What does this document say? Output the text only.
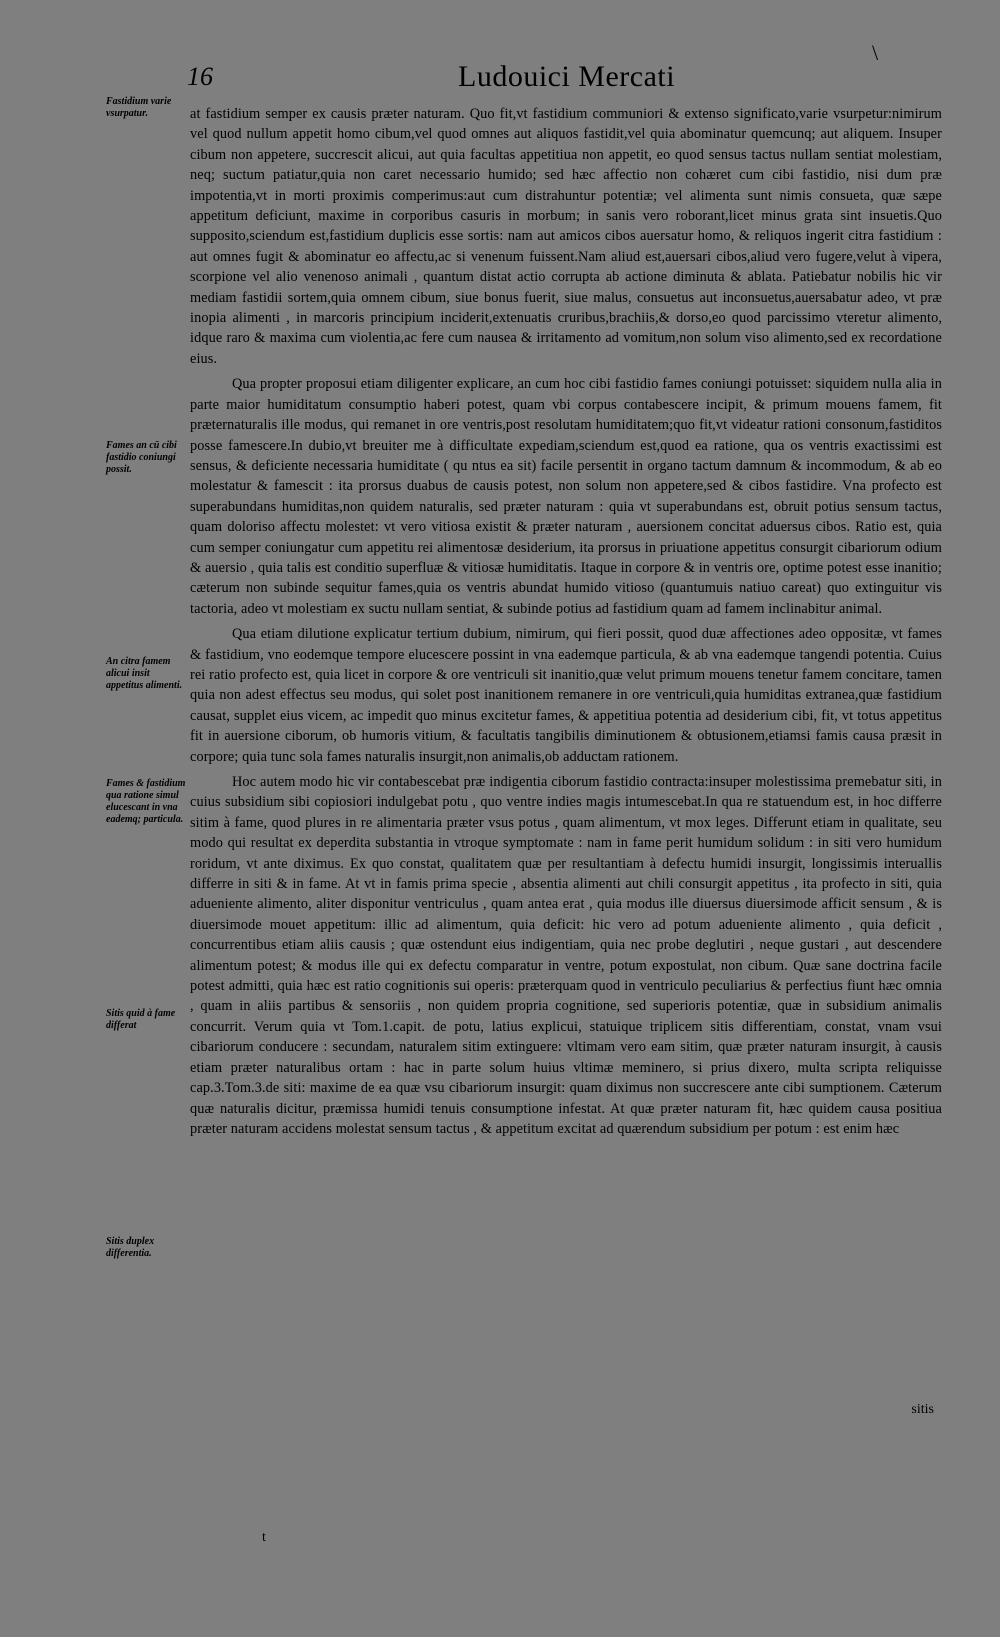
\
16	Ludouici Mercati
Fastidium varie vsurpatur.
Fames an cū cibi fastidio coniungi possit.
An citra famem alicui insit appetitus alimenti.
Fames & fastidium qua ratione simul elucescant in vna eademq; particula.
Sitis quid à fame differat
Sitis duplex differentia.

at fastidium semper ex causis præter naturam. Quo fit,vt fastidium communiori & extenso significato,varie vsurpetur:nimirum vel quod nullum appetit homo cibum,vel quod omnes aut aliquos fastidit,vel quia abominatur quemcunq; aut aliquem. Insuper cibum non appetere, succrescit alicui, aut quia facultas appetitiua non appetit, eo quod sensus tactus nullam sentiat molestiam, neq; suctum patiatur,quia non caret necessario humido; sed hæc affectio non cohæret cum cibi fastidio, nisi dum præ impotentia,vt in morti proximis comperimus:aut cum distrahuntur potentiæ; vel alimenta sunt nimis consueta, quæ sæpe appetitum deficiunt, maxime in corporibus casuris in morbum; in sanis vero roborant,licet minus grata sint insuetis.Quo supposito,sciendum est,fastidium duplicis esse sortis: nam aut amicos cibos auersatur homo, & reliquos ingerit citra fastidium : aut omnes fugit & abominatur eo affectu,ac si venenum fuissent.Nam aliud est,auersari cibos,aliud vero fugere,velut à vipera, scorpione vel alio venenoso animali , quantum distat actio corrupta ab actione diminuta & ablata. Patiebatur nobilis hic vir mediam fastidii sortem,quia omnem cibum, siue bonus fuerit, siue malus, consuetus aut inconsuetus,auersabatur adeo, vt præ inopia alimenti , in marcoris principium inciderit,extenuatis cruribus,brachiis,& dorso,eo quod parcissimo vteretur alimento, idque raro & maxima cum violentia,ac fere cum nausea & irritamento ad vomitum,non solum viso alimento,sed ex recordatione eius.

Qua propter proposui etiam diligenter explicare, an cum hoc cibi fastidio fames coniungi potuisset: siquidem nulla alia in parte maior humiditatum consumptio haberi potest, quam vbi corpus contabescere incipit, & primum mouens famem, fit præternaturalis ille modus, qui remanet in ore ventris,post resolutam humiditatem;quo fit,vt videatur rationi consonum,fastiditos posse famescere.In dubio,vt breuiter me à difficultate expediam,sciendum est,quod ea ratione, qua os ventris exactissimi est sensus, & deficiente necessaria humiditate ( qu ntus ea sit) facile persentit in organo tactum damnum & incommodum, & ab eo molestatur & famescit : ita prorsus duabus de causis potest, non solum non appetere,sed & cibos fastidire. Vna profecto est superabundans humiditas,non quidem naturalis, sed præter naturam : quia vt superabundans est, obruit potius sensum tactus, quam doloriso affectu molestet: vt vero vitiosa existit & præter naturam , auersionem concitat aduersus cibos. Ratio est, quia cum semper coniungatur cum appetitu rei alimentosæ desiderium, ita prorsus in priuatione appetitus consurgit cibariorum odium & auersio , quia talis est conditio superfluæ & vitiosæ humiditatis. Itaque in corpore & in ventris ore, optime potest esse inanitio; cæterum non subinde sequitur fames,quia os ventris abundat humido vitioso (quantumuis natiuo careat) quo extinguitur vis tactoria, adeo vt molestiam ex suctu nullam sentiat, & subinde potius ad fastidium quam ad famem inclinabitur animal.

Qua etiam dilutione explicatur tertium dubium, nimirum, qui fieri possit, quod duæ affectiones adeo oppositæ, vt fames & fastidium, vno eodemque tempore elucescere possint in vna eademque particula, & ab vna eademque tangendi potentia. Cuius rei ratio profecto est, quia licet in corpore & ore ventriculi sit inanitio,quæ velut primum mouens tenetur famem concitare, tamen quia non adest effectus seu modus, qui solet post inanitionem remanere in ore ventriculi,quia humiditas extranea,quæ fastidium causat, supplet eius vicem, ac impedit quo minus excitetur fames, & appetitiua potentia ad desiderium cibi, fit, vt totus appetitus fit in auersione ciborum, ob humoris vitium, & facultatis tangibilis diminutionem & obtusionem,etiamsi famis causa præsit in corpore; quia tunc sola fames naturalis insurgit,non animalis,ob adductam rationem.

Hoc autem modo hic vir contabescebat præ indigentia ciborum fastidio contracta:insuper molestissima premebatur siti, in cuius subsidium sibi copiosiori indulgebat potu , quo ventre indies magis intumescebat.In qua re statuendum est, in hoc differre sitim à fame, quod plures in re alimentaria præter vsus potus , quam alimentum, vt mox leges. Differunt etiam in qualitate, seu modo qui resultat ex deperdita substantia in vtroque symptomate : nam in fame perit humidum solidum : in siti vero humidum roridum, vt ante diximus. Ex quo constat, qualitatem quæ per resultantiam à defectu humidi insurgit, longissimis interuallis differre in siti & in fame. At vt in famis prima specie , absentia alimenti aut chili consurgit appetitus , ita profecto in siti, quia adueniente alimento, aliter disponitur ventriculus , quam antea erat , quia modus ille diuersus diuersimode afficit sensum , & is diuersimode mouet appetitum: illic ad alimentum, quia deficit: hic vero ad potum adueniente alimento , quia deficit , concurrentibus etiam aliis causis ; quæ ostendunt eius indigentiam, quia nec probe deglutiri , neque gustari , aut descendere alimentum potest; & modus ille qui ex defectu comparatur in ventre, potum expostulat, non cibum. Quæ sane doctrina facile potest admitti, quia hæc est ratio cognitionis sui operis: præterquam quod in ventriculo peculiarius & perfectius fiunt hæc omnia , quam in aliis partibus & sensoriis , non quidem propria cognitione, sed superioris potentiæ, quæ in subsidium animalis concurrit. Verum quia vt Tom.1.capit. de potu, latius explicui, statuique triplicem sitis differentiam, constat, vnam vsui cibariorum conducere : secundam, naturalem sitim extinguere: vltimam vero eam sitim, quæ præter naturam insurgit, à causis etiam præter naturalibus ortam : hac in parte solum huius vltimæ meminero, si prius dixero, multa scripta reliquisse cap.3.Tom.3.de siti: maxime de ea quæ vsu cibariorum insurgit: quam diximus non succrescere ante cibi sumptionem. Cæterum quæ naturalis dicitur, præmissa humidi tenuis consumptione infestat. At quæ præter naturam fit, hæc quidem causa positiua præter naturam accidens molestat sensum tactus , & appetitum excitat ad quærendum subsidium per potum : est enim hæc

sitis
t
